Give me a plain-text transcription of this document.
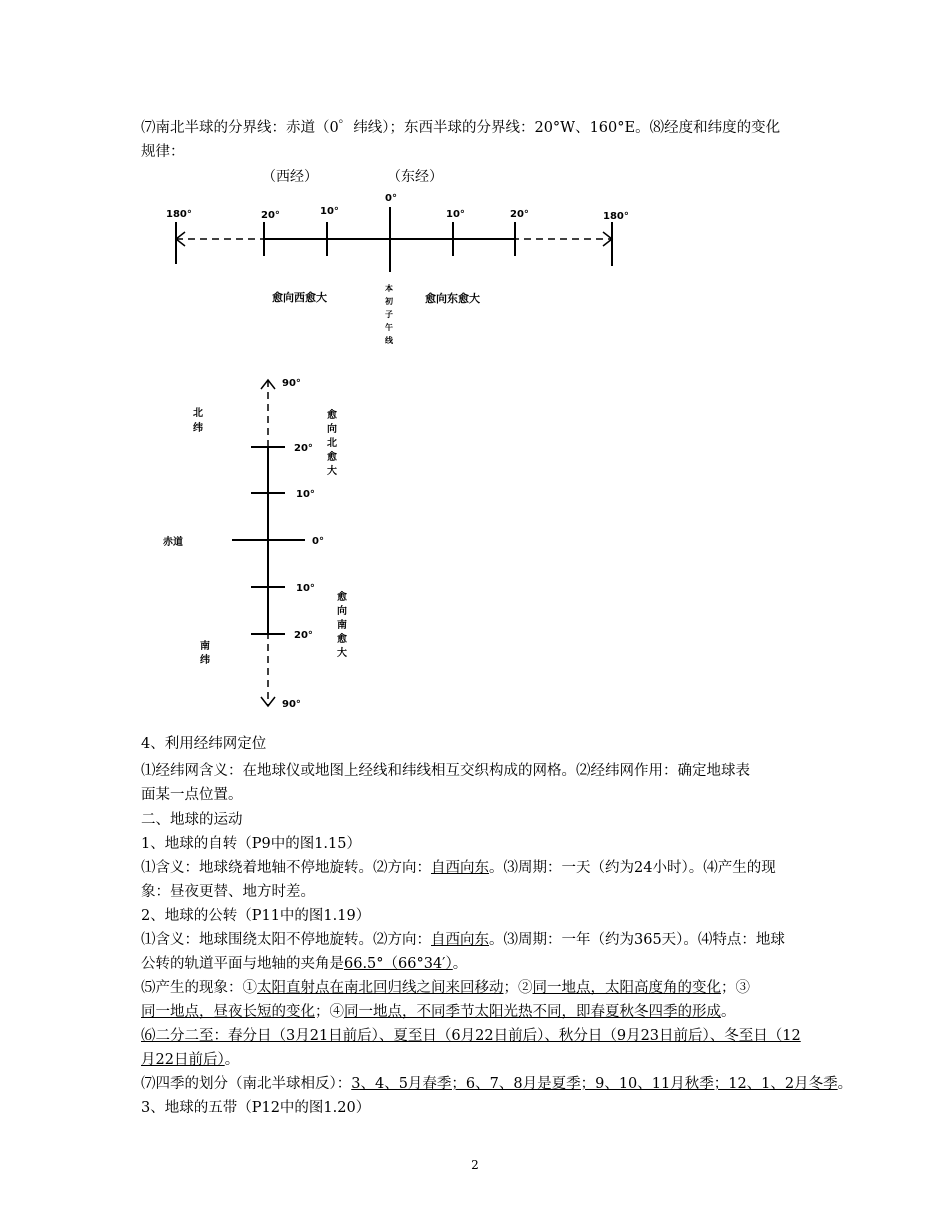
⑺南北半球的分界线：赤道（0゜纬线）；东西半球的分界线：20°W、160°E。⑻经度和纬度的变化
规律：
（西经）	（东经）
180°	20°	10°
0°
10°	20°	180°
愈向西愈大	愈向东愈大
本
初
子
午
线
90°
20°
10°
0°
10°
20°
90°
北
纬
南
纬
赤道
愈
向
北
愈
大
愈
向
南
愈
大
4、利用经纬网定位
⑴经纬网含义：在地球仪或地图上经线和纬线相互交织构成的网格。⑵经纬网作用：确定地球表
面某一点位置。
二、地球的运动
1、地球的自转（P9中的图1.15）
⑴含义：地球绕着地轴不停地旋转。⑵方向：自西向东。⑶周期：一天（约为24小时）。⑷产生的现
象：昼夜更替、地方时差。
2、地球的公转（P11中的图1.19）
⑴含义：地球围绕太阳不停地旋转。⑵方向：自西向东。⑶周期：一年（约为365天）。⑷特点：地球
公转的轨道平面与地轴的夹角是66.5°（66°34′）。
⑸产生的现象：①太阳直射点在南北回归线之间来回移动；②同一地点，太阳高度角的变化；③
同一地点，昼夜长短的变化；④同一地点，不同季节太阳光热不同，即春夏秋冬四季的形成。
⑹二分二至：春分日（3月21日前后）、夏至日（6月22日前后）、秋分日（9月23日前后）、冬至日（12
月22日前后）。
⑺四季的划分（南北半球相反）：3、4、5月春季；6、7、8月是夏季；9、10、11月秋季；12、1、2月冬季。
3、地球的五带（P12中的图1.20）
2
